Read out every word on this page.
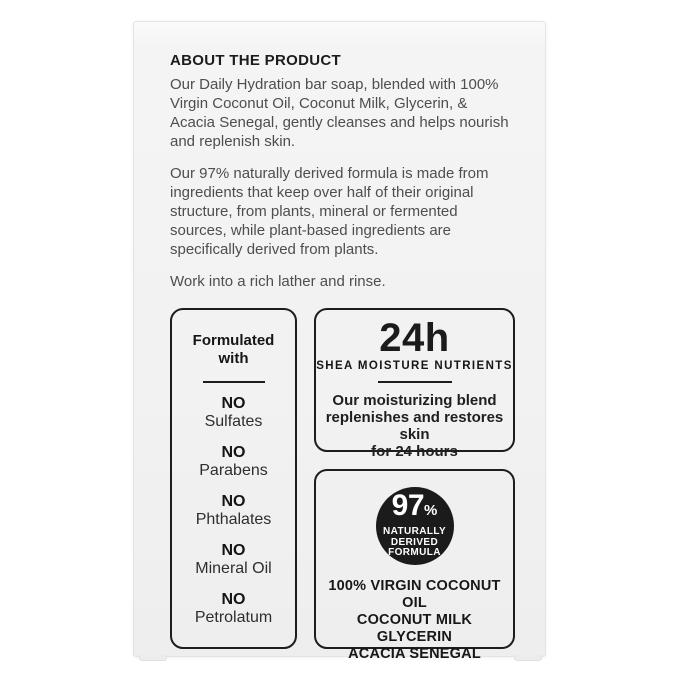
ABOUT THE PRODUCT

Our Daily Hydration bar soap, blended with 100% Virgin Coconut Oil, Coconut Milk, Glycerin, & Acacia Senegal, gently cleanses and helps nourish and replenish skin.

Our 97% naturally derived formula is made from ingredients that keep over half of their original structure, from plants, mineral or fermented sources, while plant-based ingredients are specifically derived from plants.

Work into a rich lather and rinse.

Formulated
with
NO
Sulfates
NO
Parabens
NO
Phthalates
NO
Mineral Oil
NO
Petrolatum
24h
SHEA MOISTURE NUTRIENTS
Our moisturizing blend
replenishes and restores skin
for 24 hours
97%
NATURALLY
DERIVED
FORMULA
100% VIRGIN COCONUT OIL
COCONUT MILK
GLYCERIN
ACACIA SENEGAL
